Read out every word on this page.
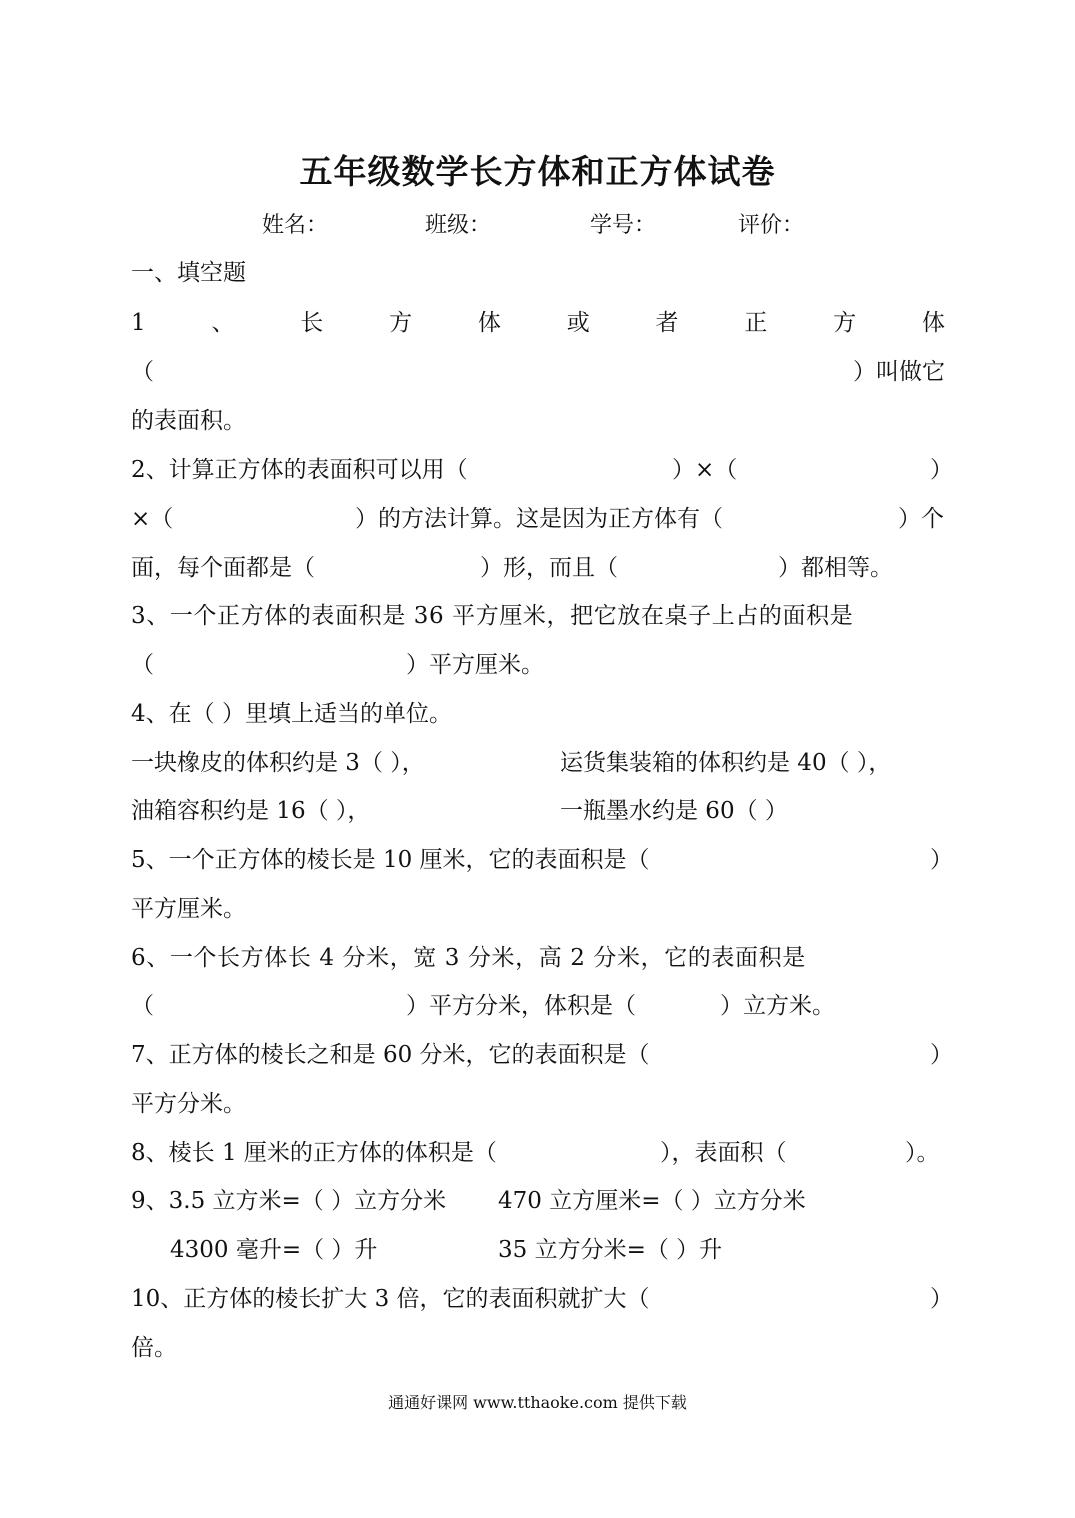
五年级数学长方体和正方体试卷
姓名：	班级：	学号：	评价：
一、填空题
1	、	长	方	体	或	者	正	方	体
（	）叫做它
的表面积。
2、计算正方体的表面积可以用（	）×（	）
×（	）的方法计算。这是因为正方体有（	）个
面，每个面都是（	）形，而且（	）都相等。
3、一个正方体的表面积是 36 平方厘米，把它放在桌子上占的面积是
（	）平方厘米。
4、在（ ）里填上适当的单位。
一块橡皮的体积约是 3（ ），	运货集装箱的体积约是 40（ ），
油箱容积约是 16（ ），	一瓶墨水约是 60（ ）
5、一个正方体的棱长是 10 厘米，它的表面积是（	）
平方厘米。
6、一个长方体长 4 分米，宽 3 分米，高 2 分米，它的表面积是
（	）平方分米，体积是（	）立方米。
7、正方体的棱长之和是 60 分米，它的表面积是（	）
平方分米。
8、棱长 1 厘米的正方体的体积是（	），表面积（	）。
9、3.5 立方米=（ ）立方分米 470 立方厘米=（ ）立方分米
4300 毫升=（ ）升	35 立方分米=（ ）升
10、正方体的棱长扩大 3 倍，它的表面积就扩大（	）
倍。
通通好课网 www.tthaoke.com 提供下载
